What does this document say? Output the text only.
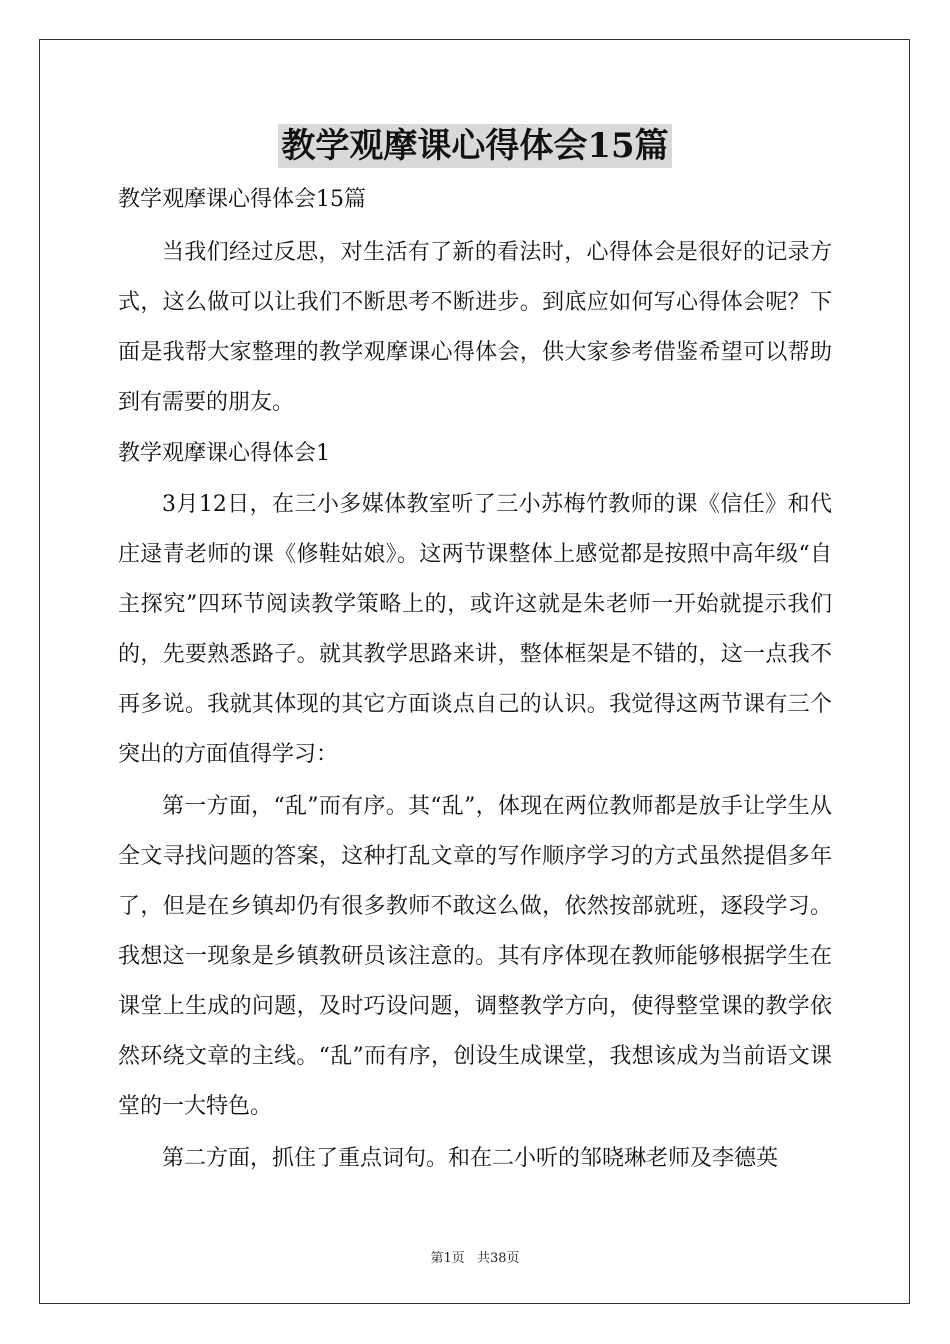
教学观摩课心得体会15篇

教学观摩课心得体会15篇

当我们经过反思，对生活有了新的看法时，心得体会是很好的记录方式，这么做可以让我们不断思考不断进步。到底应如何写心得体会呢？下面是我帮大家整理的教学观摩课心得体会，供大家参考借鉴希望可以帮助到有需要的朋友。

教学观摩课心得体会1

3月12日，在三小多媒体教室听了三小苏梅竹教师的课《信任》和代庄逯青老师的课《修鞋姑娘》。这两节课整体上感觉都是按照中高年级“自主探究”四环节阅读教学策略上的，或许这就是朱老师一开始就提示我们的，先要熟悉路子。就其教学思路来讲，整体框架是不错的，这一点我不再多说。我就其体现的其它方面谈点自己的认识。我觉得这两节课有三个突出的方面值得学习：

第一方面，“乱”而有序。其“乱”，体现在两位教师都是放手让学生从全文寻找问题的答案，这种打乱文章的写作顺序学习的方式虽然提倡多年了，但是在乡镇却仍有很多教师不敢这么做，依然按部就班，逐段学习。我想这一现象是乡镇教研员该注意的。其有序体现在教师能够根据学生在课堂上生成的问题，及时巧设问题，调整教学方向，使得整堂课的教学依然环绕文章的主线。“乱”而有序，创设生成课堂，我想该成为当前语文课堂的一大特色。

第二方面，抓住了重点词句。和在二小听的邹晓琳老师及李德英

第1页 共38页
